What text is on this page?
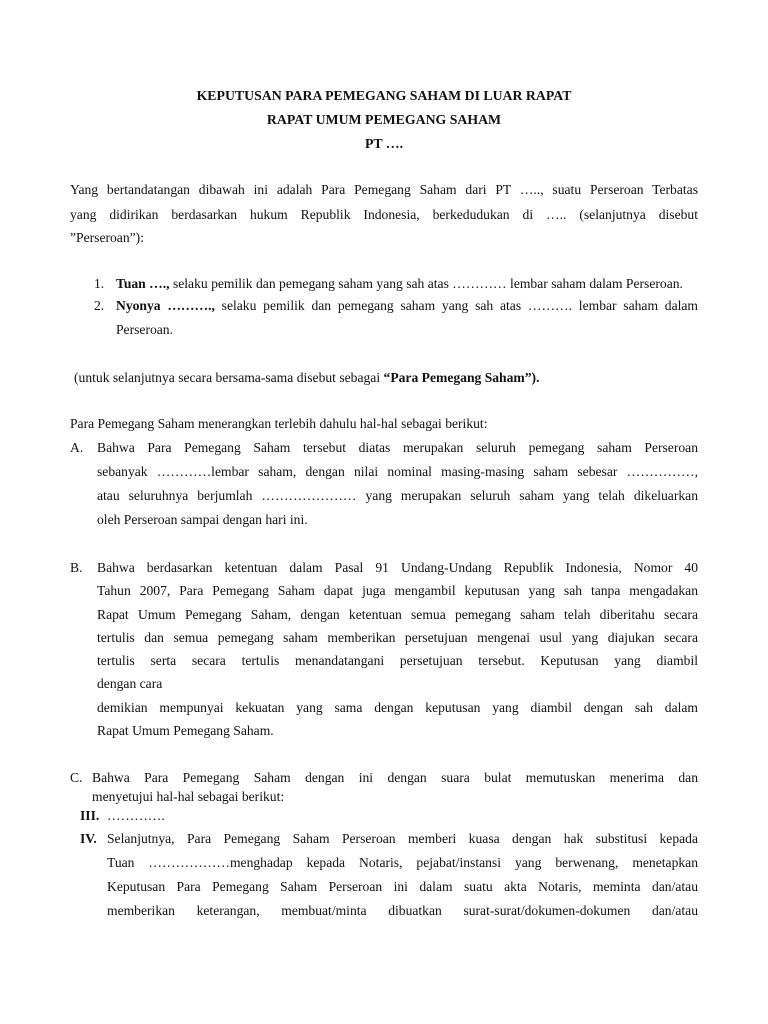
KEPUTUSAN PARA PEMEGANG SAHAM DI LUAR RAPAT
RAPAT UMUM PEMEGANG SAHAM
PT ….
Yang bertandatangan dibawah ini adalah Para Pemegang Saham dari PT ….., suatu Perseroan Terbatas
yang didirikan berdasarkan hukum Republik Indonesia, berkedudukan di ….. (selanjutnya disebut
”Perseroan”):
1. Tuan …., selaku pemilik dan pemegang saham yang sah atas ………… lembar saham dalam Perseroan.
2. Nyonya ………., selaku pemilik dan pemegang saham yang sah atas ………. lembar saham dalam
Perseroan.
(untuk selanjutnya secara bersama-sama disebut sebagai “Para Pemegang Saham”).
Para Pemegang Saham menerangkan terlebih dahulu hal-hal sebagai berikut:
A. Bahwa Para Pemegang Saham tersebut diatas merupakan seluruh pemegang saham Perseroan
sebanyak …………lembar saham, dengan nilai nominal masing-masing saham sebesar ……………,
atau seluruhnya berjumlah ………………… yang merupakan seluruh saham yang telah dikeluarkan
oleh Perseroan sampai dengan hari ini.
B. Bahwa berdasarkan ketentuan dalam Pasal 91 Undang-Undang Republik Indonesia, Nomor 40
Tahun 2007, Para Pemegang Saham dapat juga mengambil keputusan yang sah tanpa mengadakan
Rapat Umum Pemegang Saham, dengan ketentuan semua pemegang saham telah diberitahu secara
tertulis dan semua pemegang saham memberikan persetujuan mengenai usul yang diajukan secara
tertulis serta secara tertulis menandatangani persetujuan tersebut. Keputusan yang diambil
dengan cara
demikian mempunyai kekuatan yang sama dengan keputusan yang diambil dengan sah dalam
Rapat Umum Pemegang Saham.
C. Bahwa Para Pemegang Saham dengan ini dengan suara bulat memutuskan menerima dan
menyetujui hal-hal sebagai berikut:
III. ………….
IV. Selanjutnya, Para Pemegang Saham Perseroan memberi kuasa dengan hak substitusi kepada
Tuan ………………menghadap kepada Notaris, pejabat/instansi yang berwenang, menetapkan
Keputusan Para Pemegang Saham Perseroan ini dalam suatu akta Notaris, meminta dan/atau
memberikan keterangan, membuat/minta dibuatkan surat-surat/dokumen-dokumen dan/atau
